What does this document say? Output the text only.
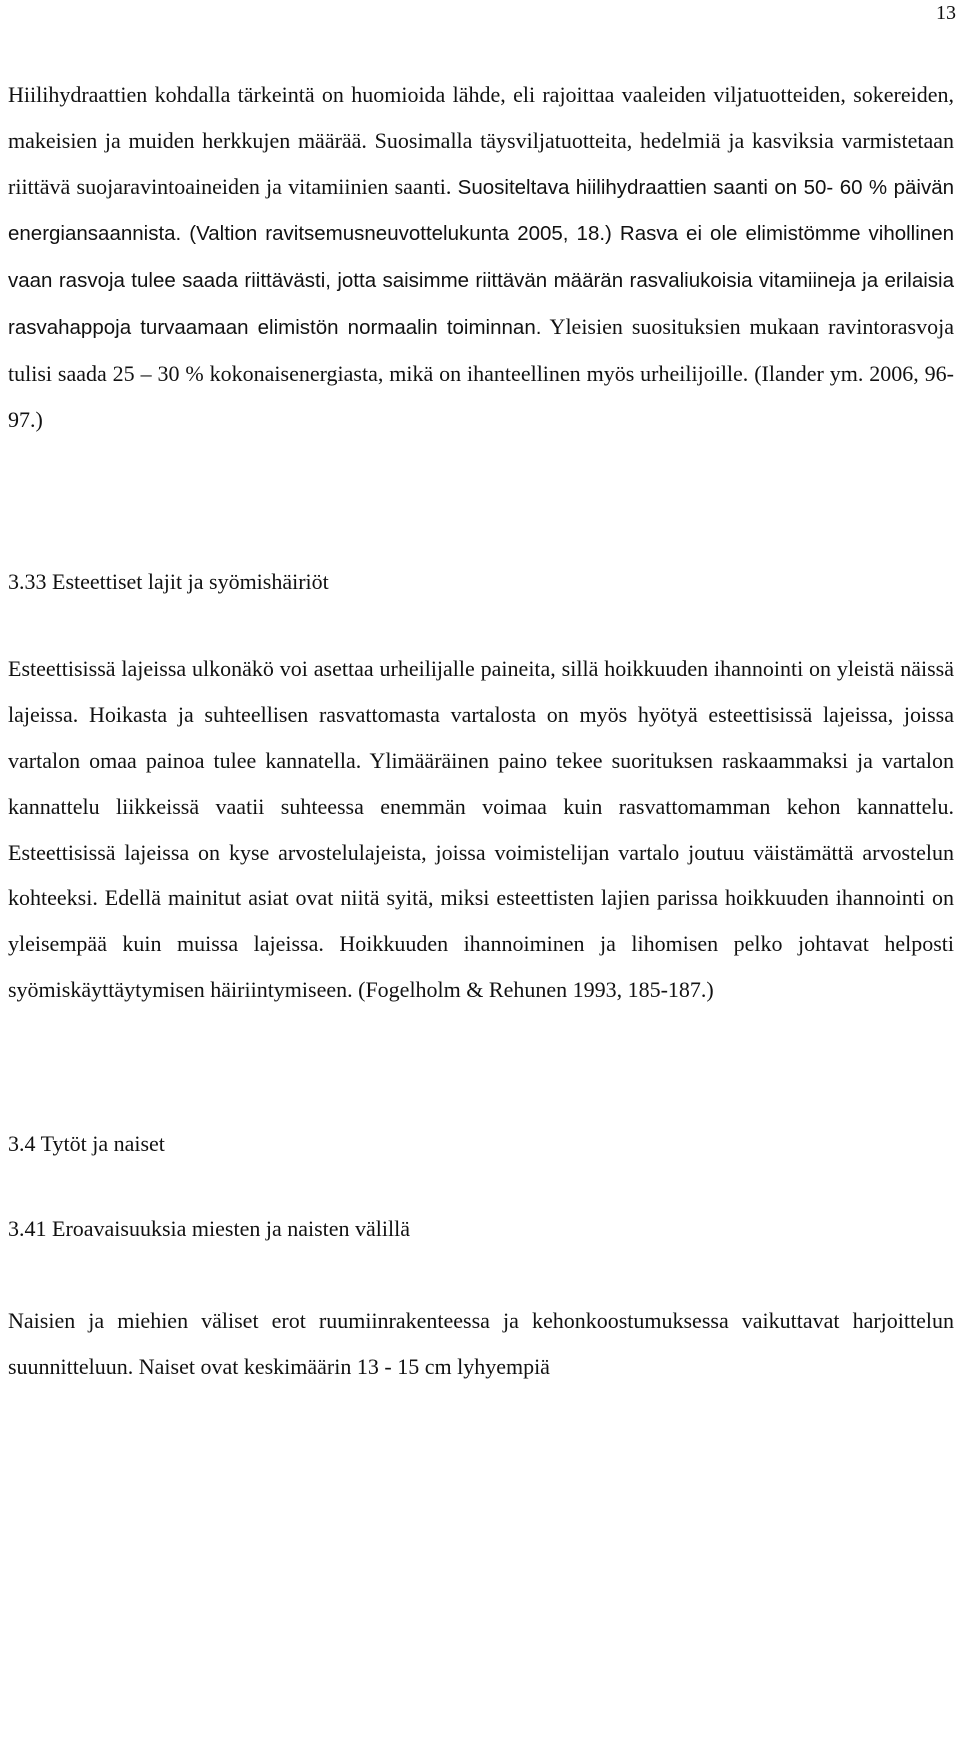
13

Hiilihydraattien kohdalla tärkeintä on huomioida lähde, eli rajoittaa vaaleiden viljatuotteiden, sokereiden, makeisien ja muiden herkkujen määrää. Suosimalla täysviljatuotteita, hedelmiä ja kasviksia varmistetaan riittävä suojaravintoaineiden ja vitamiinien saanti. Suositeltava hiilihydraattien saanti on 50- 60 % päivän energiansaannista. (Valtion ravitsemusneuvottelukunta 2005, 18.) Rasva ei ole elimistömme vihollinen vaan rasvoja tulee saada riittävästi, jotta saisimme riittävän määrän rasvaliukoisia vitamiineja ja erilaisia rasvahappoja turvaamaan elimistön normaalin toiminnan. Yleisien suosituksien mukaan ravintorasvoja tulisi saada 25 – 30 % kokonaisenergiasta, mikä on ihanteellinen myös urheilijoille. (Ilander ym. 2006, 96-97.)

3.33 Esteettiset lajit ja syömishäiriöt

Esteettisissä lajeissa ulkonäkö voi asettaa urheilijalle paineita, sillä hoikkuuden ihannointi on yleistä näissä lajeissa. Hoikasta ja suhteellisen rasvattomasta vartalosta on myös hyötyä esteettisissä lajeissa, joissa vartalon omaa painoa tulee kannatella. Ylimääräinen paino tekee suorituksen raskaammaksi ja vartalon kannattelu liikkeissä vaatii suhteessa enemmän voimaa kuin rasvattomamman kehon kannattelu. Esteettisissä lajeissa on kyse arvostelulajeista, joissa voimistelijan vartalo joutuu väistämättä arvostelun kohteeksi. Edellä mainitut asiat ovat niitä syitä, miksi esteettisten lajien parissa hoikkuuden ihannointi on yleisempää kuin muissa lajeissa. Hoikkuuden ihannoiminen ja lihomisen pelko johtavat helposti syömiskäyttäytymisen häiriintymiseen. (Fogelholm & Rehunen 1993, 185-187.)

3.4 Tytöt ja naiset
3.41 Eroavaisuuksia miesten ja naisten välillä

Naisien ja miehien väliset erot ruumiinrakenteessa ja kehonkoostumuksessa vaikuttavat harjoittelun suunnitteluun. Naiset ovat keskimäärin 13 - 15 cm lyhyempiä
